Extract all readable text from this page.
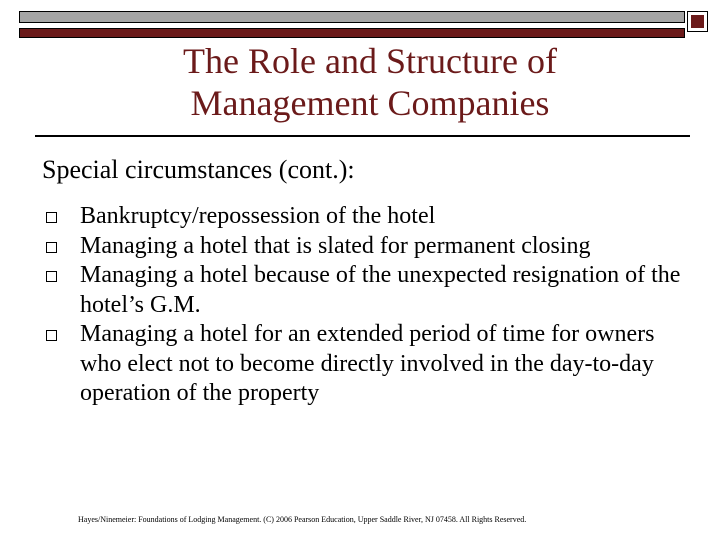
The Role and Structure of
Management Companies

Special circumstances (cont.):

Bankruptcy/repossession of the hotel
Managing a hotel that is slated for permanent closing
Managing a hotel because of the unexpected resignation of the hotel’s G.M.
Managing a hotel for an extended period of time for owners who elect not to become directly involved in the day-to-day operation of the property

Hayes/Ninemeier: Foundations of Lodging Management. (C) 2006 Pearson Education, Upper Saddle River, NJ 07458. All Rights Reserved.
